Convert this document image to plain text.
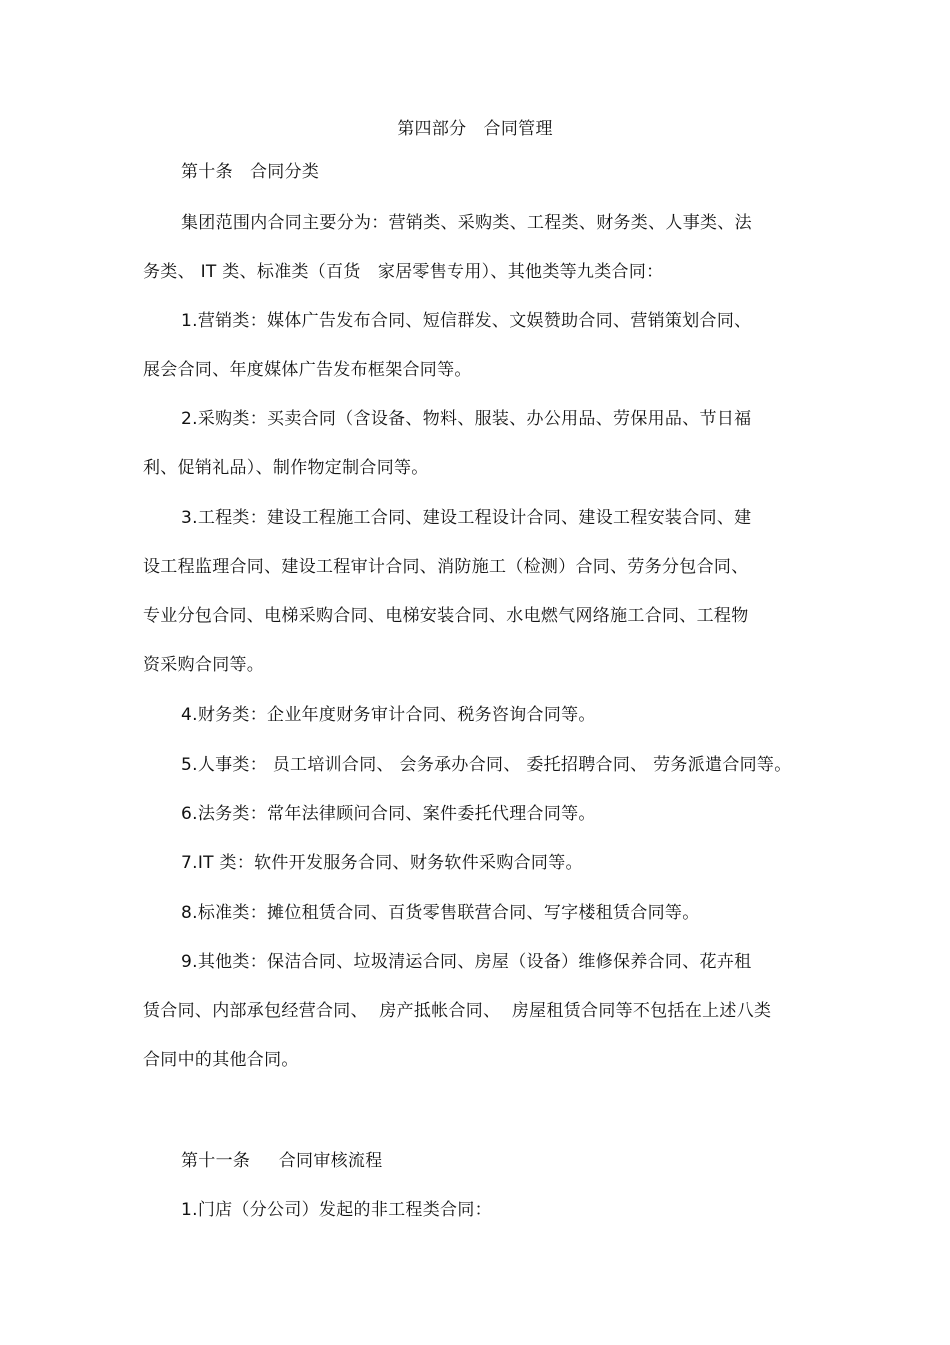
第四部分   合同管理
第十条   合同分类
集团范围内合同主要分为：营销类、采购类、工程类、财务类、人事类、法
务类、 IT 类、标准类（百货   家居零售专用）、其他类等九类合同：
1.营销类：媒体广告发布合同、短信群发、文娱赞助合同、营销策划合同、
展会合同、年度媒体广告发布框架合同等。
2.采购类：买卖合同（含设备、物料、服装、办公用品、劳保用品、节日福
利、促销礼品）、制作物定制合同等。
3.工程类：建设工程施工合同、建设工程设计合同、建设工程安装合同、建
设工程监理合同、建设工程审计合同、消防施工（检测）合同、劳务分包合同、
专业分包合同、电梯采购合同、电梯安装合同、水电燃气网络施工合同、工程物
资采购合同等。
4.财务类：企业年度财务审计合同、税务咨询合同等。
5.人事类： 员工培训合同、 会务承办合同、 委托招聘合同、 劳务派遣合同等。
6.法务类：常年法律顾问合同、案件委托代理合同等。
7.IT 类：软件开发服务合同、财务软件采购合同等。
8.标准类：摊位租赁合同、百货零售联营合同、写字楼租赁合同等。
9.其他类：保洁合同、垃圾清运合同、房屋（设备）维修保养合同、花卉租
赁合同、内部承包经营合同、  房产抵帐合同、  房屋租赁合同等不包括在上述八类
合同中的其他合同。
第十一条     合同审核流程
1.门店（分公司）发起的非工程类合同：
